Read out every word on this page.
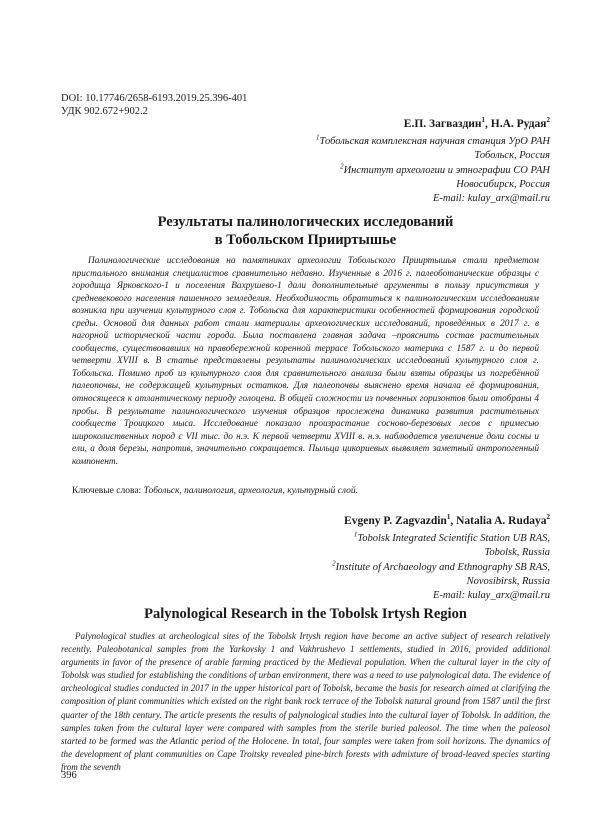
DOI: 10.17746/2658-6193.2019.25.396-401
УДК 902.672+902.2
Е.П. Загваздин$^1$, Н.А. Рудая$^2$
$^1$Тобольская комплексная научная станция УрО РАН
Тобольск, Россия
$^2$Институт археологии и этнографии СО РАН
Новосибирск, Россия
E-mail: kulay_arx@mail.ru
Результаты палинологических исследований
в Тобольском Прииртышье

Палинологические исследования на памятниках археологии Тобольского Прииртышья стали предметом пристального внимания специалистов сравнительно недавно. Изученные в 2016 г. палеоботанические образцы с городища Ярковского-1 и поселения Вахрушево-1 дали дополнительные аргументы в пользу присутствия у средневекового населения пашенного земледелия. Необходимость обратиться к палинологическим исследованиям возникла при изучении культурного слоя г. Тобольска для характеристики особенностей формирования городской среды. Основой для данных работ стали материалы археологических исследований, проведённых в 2017 г. в нагорной исторической части города. Была поставлена главная задача –прояснить состав растительных сообществ, существовавших на правобережной коренной террасе Тобольского материка с 1587 г. и до первой четверти XVIII в. В статье представлены результаты палинологических исследований культурного слоя г. Тобольска. Помимо проб из культурного слоя для сравнительного анализа были взяты образцы из погребённой палеопочвы, не содержащей культурных остатков. Для палеопочвы выяснено время начала её формирования, относящееся к атлантическому периоду голоцена. В общей сложности из почвенных горизонтов были отобраны 4 пробы. В результате палинологического изучения образцов прослежена динамика развития растительных сообществ Троицкого мыса. Исследование показало произрастание сосново-березовых лесов с примесью широколиственных пород с VII тыс. до н.э. К первой четверти XVIII в. н.э. наблюдается увеличение доли сосны и ели, а доля березы, напротив, значительно сокращается. Пыльца цикориевых выявляет заметный антропогенный компонент.

Ключевые слова: Тобольск, палинология, археология, культурный слой.
Evgeny P. Zagvazdin$^1$, Natalia A. Rudaya$^2$
$^1$Tobolsk Integrated Scientific Station UB RAS,
Tobolsk, Russia
$^2$Institute of Archaeology and Ethnography SB RAS,
Novosibirsk, Russia
E-mail: kulay_arx@mail.ru
Palynological Research in the Tobolsk Irtysh Region

Palynological studies at archeological sites of the Tobolsk Irtysh region have become an active subject of research relatively recently. Paleobotanical samples from the Yarkovsky 1 and Vakhrushevo 1 settlements, studied in 2016, provided additional arguments in favor of the presence of arable farming practiced by the Medieval population. When the cultural layer in the city of Tobolsk was studied for establishing the conditions of urban environment, there was a need to use palynological data. The evidence of archeological studies conducted in 2017 in the upper historical part of Tobolsk, became the basis for research aimed at clarifying the composition of plant communities which existed on the right bank rock terrace of the Tobolsk natural ground from 1587 until the first quarter of the 18th century. The article presents the results of palynological studies into the cultural layer of Tobolsk. In addition, the samples taken from the cultural layer were compared with samples from the sterile buried paleosol. The time when the paleosol started to be formed was the Atlantic period of the Holocene. In total, four samples were taken from soil horizons. The dynamics of the development of plant communities on Cape Troitsky revealed pine-birch forests with admixture of broad-leaved species starting from the seventh

396
